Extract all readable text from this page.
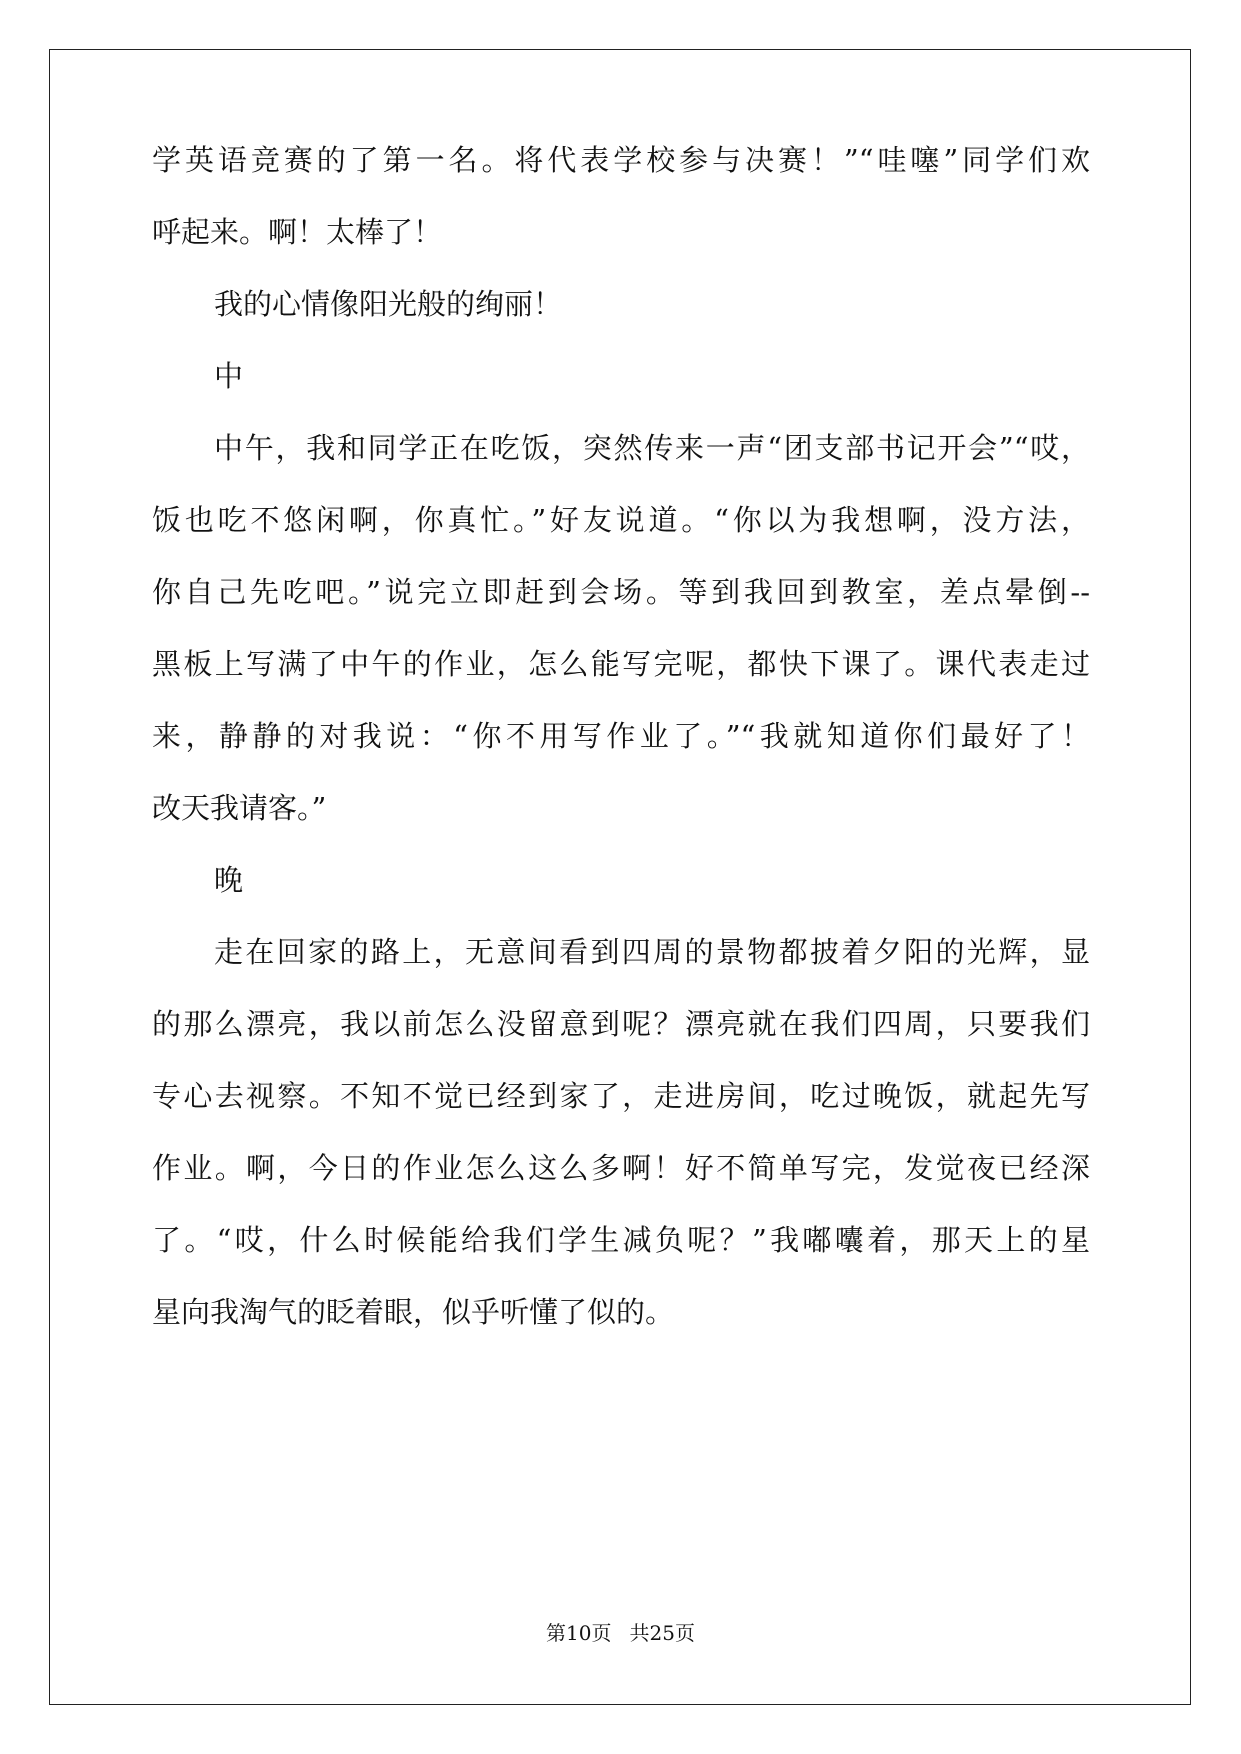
学英语竞赛的了第一名。将代表学校参与决赛！”“哇噻”同学们欢
呼起来。啊！太棒了！
我的心情像阳光般的绚丽！
中
中午，我和同学正在吃饭，突然传来一声“团支部书记开会”“哎，
饭也吃不悠闲啊，你真忙。”好友说道。“你以为我想啊，没方法，
你自己先吃吧。”说完立即赶到会场。等到我回到教室，差点晕倒--
黑板上写满了中午的作业，怎么能写完呢，都快下课了。课代表走过
来，静静的对我说：“你不用写作业了。”“我就知道你们最好了！
改天我请客。”
晚
走在回家的路上，无意间看到四周的景物都披着夕阳的光辉，显
的那么漂亮，我以前怎么没留意到呢？漂亮就在我们四周，只要我们
专心去视察。不知不觉已经到家了，走进房间，吃过晚饭，就起先写
作业。啊，今日的作业怎么这么多啊！好不简单写完，发觉夜已经深
了。“哎，什么时候能给我们学生减负呢？”我嘟囔着，那天上的星
星向我淘气的眨着眼，似乎听懂了似的。
第10页 共25页
